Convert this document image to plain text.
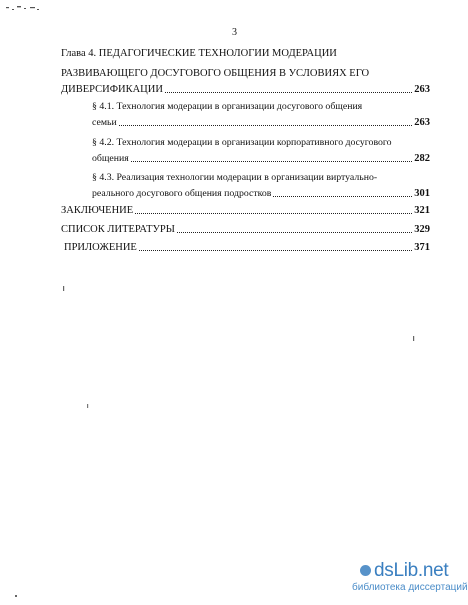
3
Глава 4. ПЕДАГОГИЧЕСКИЕ ТЕХНОЛОГИИ МОДЕРАЦИИ
РАЗВИВАЮЩЕГО ДОСУГОВОГО ОБЩЕНИЯ В УСЛОВИЯХ ЕГО
ДИВЕРСИФИКАЦИИ	263
§ 4.1. Технология модерации в организации досугового общения
семьи	263
§ 4.2. Технология модерации в организации корпоративного досугового
общения	282
§ 4.3. Реализация технологии модерации в организации виртуально-
реального досугового общения подростков	301
ЗАКЛЮЧЕНИЕ	321
СПИСОК ЛИТЕРАТУРЫ	329
ПРИЛОЖЕНИЕ	371
dsLib.net
библиотека диссертаций
